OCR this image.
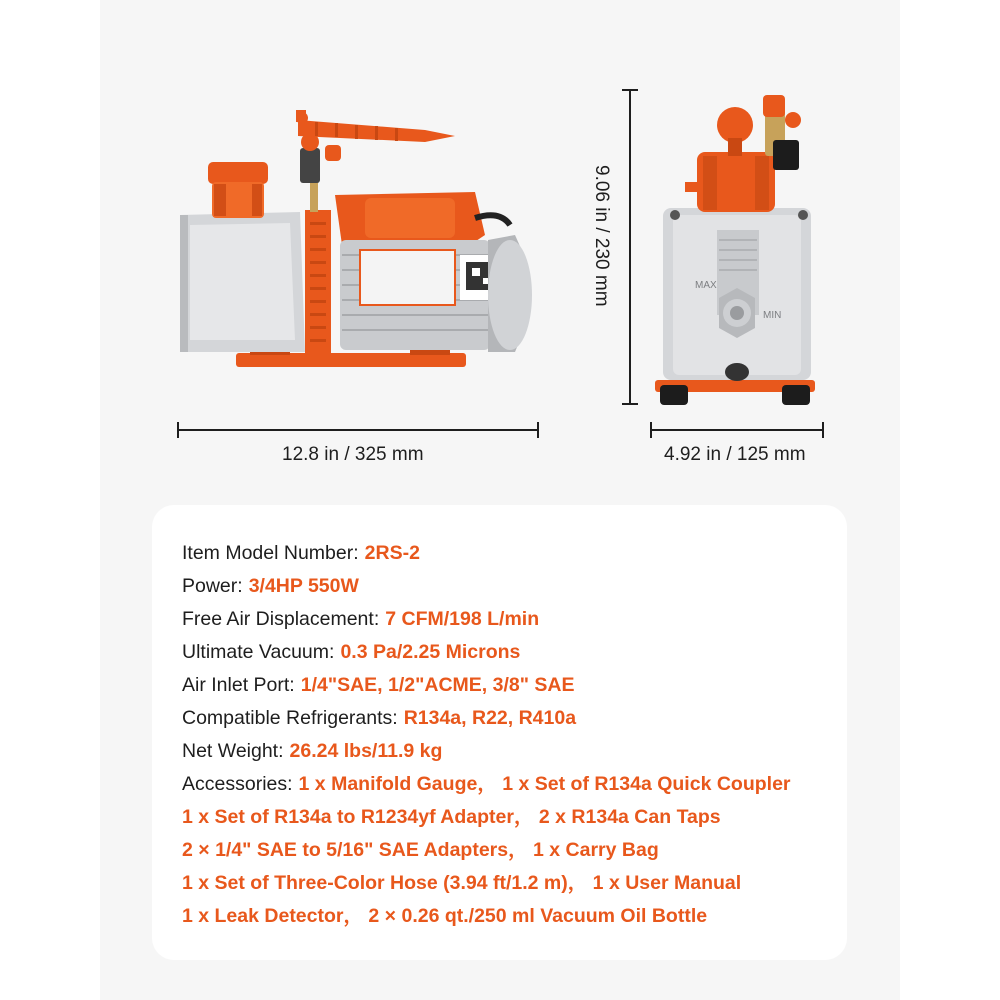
MAX
MIN
12.8 in / 325 mm	4.92 in / 125 mm
9.06 in / 230 mm
Item Model Number: 2RS-2
Power: 3/4HP 550W
Free Air Displacement: 7 CFM/198 L/min
Ultimate Vacuum: 0.3 Pa/2.25 Microns
Air Inlet Port: 1/4"SAE, 1/2"ACME, 3/8" SAE
Compatible Refrigerants: R134a, R22, R410a
Net Weight: 26.24 lbs/11.9 kg
Accessories: 1 x Manifold Gauge， 1 x Set of R134a Quick Coupler
1 x Set of R134a to R1234yf Adapter， 2 x R134a Can Taps
2 × 1/4" SAE to 5/16" SAE Adapters， 1 x Carry Bag
1 x Set of Three-Color Hose (3.94 ft/1.2 m)， 1 x User Manual
1 x Leak Detector， 2 × 0.26 qt./250 ml Vacuum Oil Bottle
